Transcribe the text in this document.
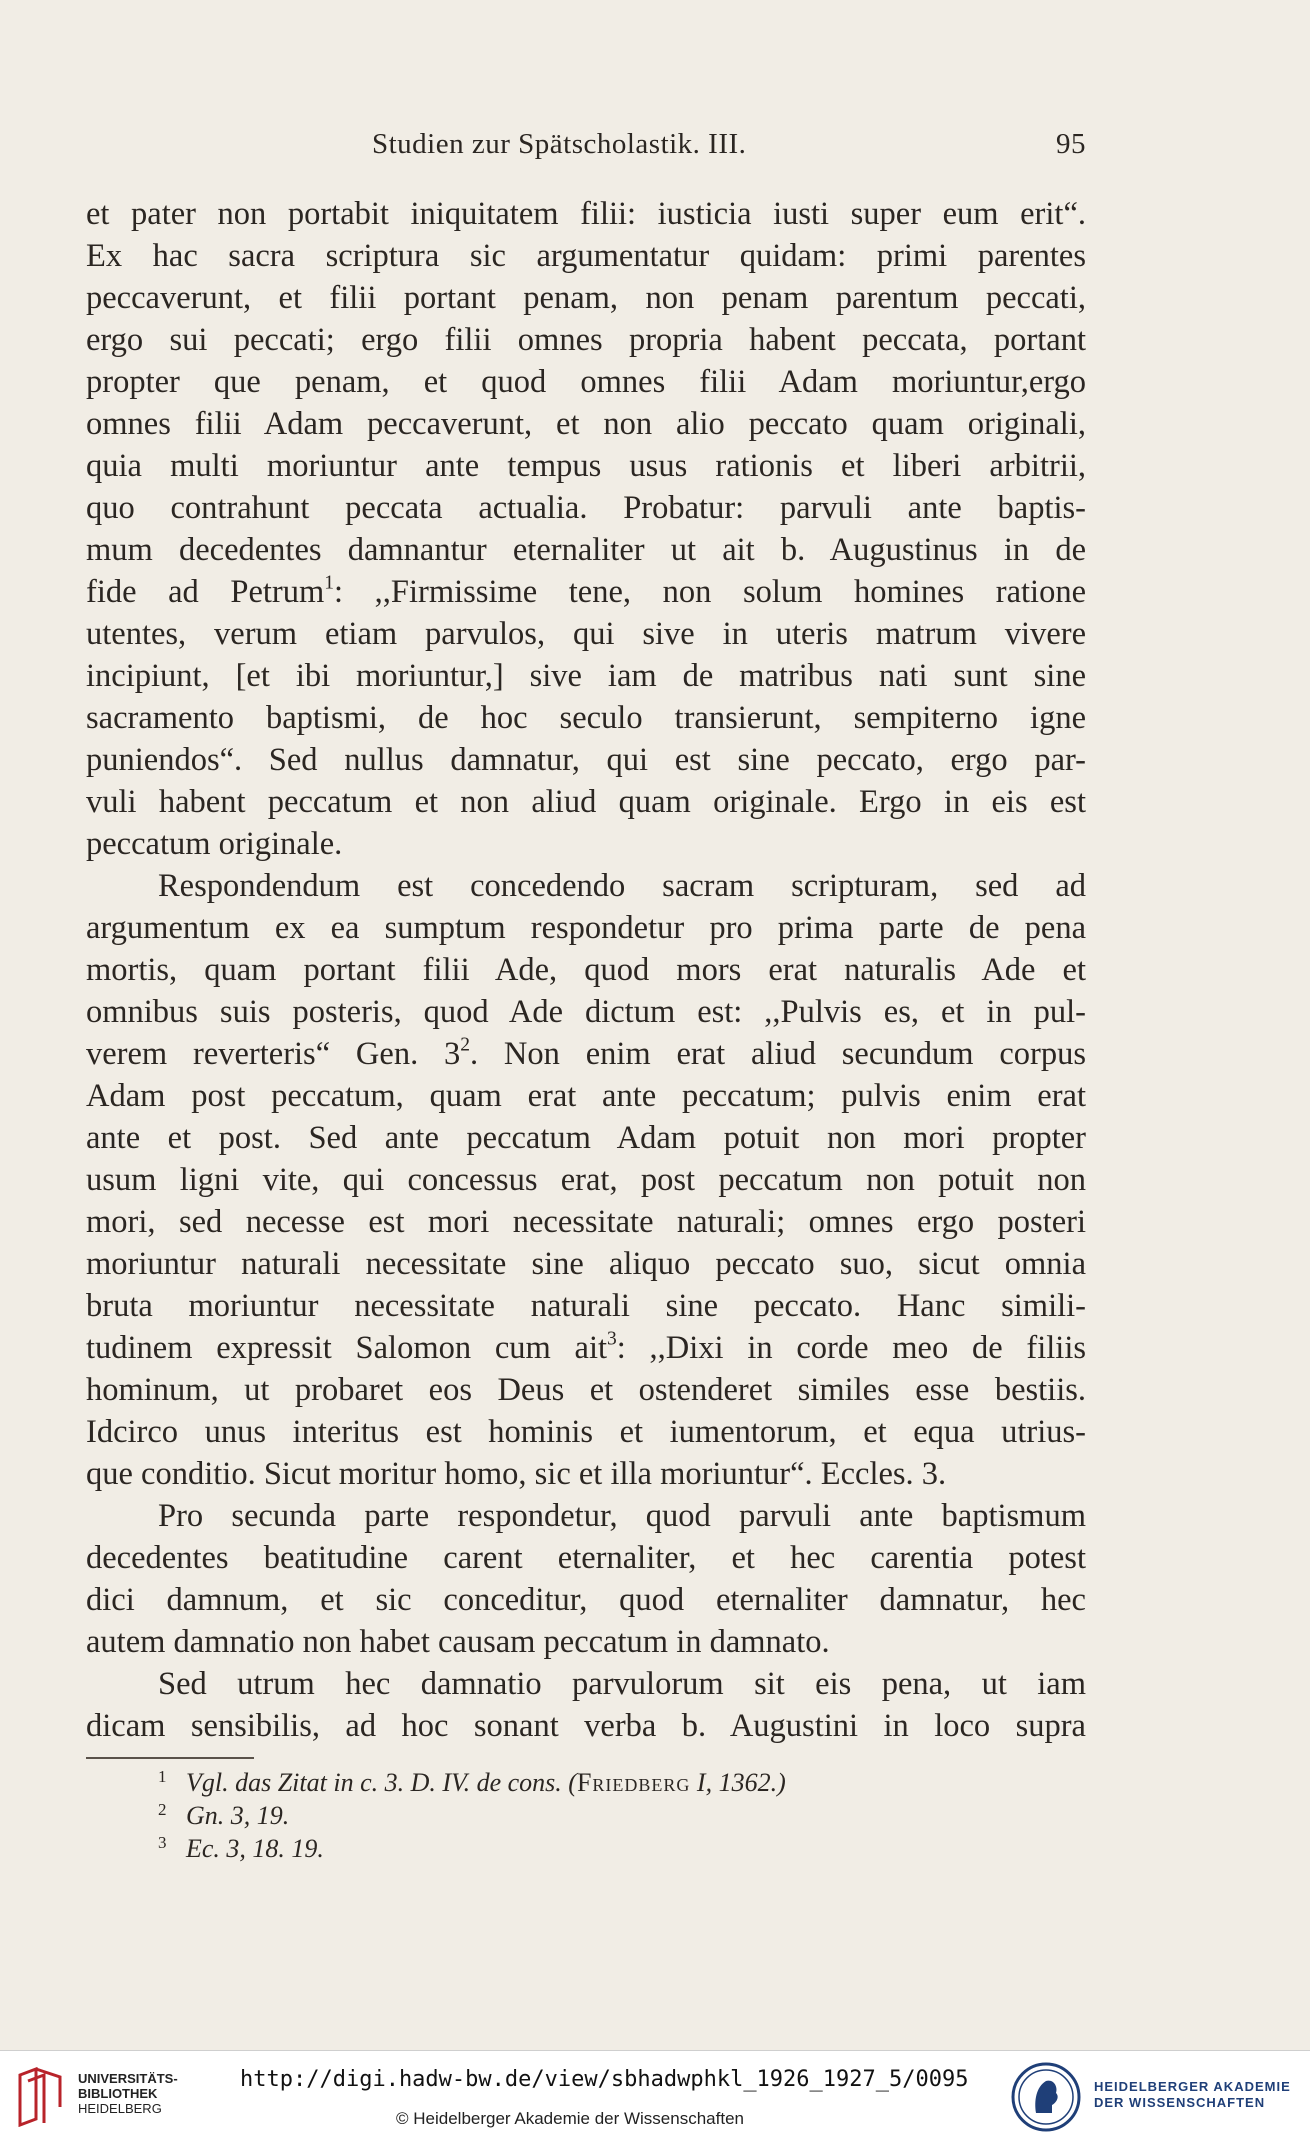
Studien zur Spätscholastik. III.	95
et pater non portabit iniquitatem filii: iusticia iusti super eum erit“.
Ex hac sacra scriptura sic argumentatur quidam: primi parentes
peccaverunt, et filii portant penam, non penam parentum peccati,
ergo sui peccati; ergo filii omnes propria habent peccata, portant
propter que penam, et quod omnes filii Adam moriuntur,ergo
omnes filii Adam peccaverunt, et non alio peccato quam originali,
quia multi moriuntur ante tempus usus rationis et liberi arbitrii,
quo contrahunt peccata actualia. Probatur: parvuli ante baptis-
mum decedentes damnantur eternaliter ut ait b. Augustinus in de
fide ad Petrum$^1$: ,,Firmissime tene, non solum homines ratione
utentes, verum etiam parvulos, qui sive in uteris matrum vivere
incipiunt, [et ibi moriuntur,] sive iam de matribus nati sunt sine
sacramento baptismi, de hoc seculo transierunt, sempiterno igne
puniendos“. Sed nullus damnatur, qui est sine peccato, ergo par-
vuli habent peccatum et non aliud quam originale. Ergo in eis est
peccatum originale.
Respondendum est concedendo sacram scripturam, sed ad
argumentum ex ea sumptum respondetur pro prima parte de pena
mortis, quam portant filii Ade, quod mors erat naturalis Ade et
omnibus suis posteris, quod Ade dictum est: ,,Pulvis es, et in pul-
verem reverteris“ Gen. $3^2$. Non enim erat aliud secundum corpus
Adam post peccatum, quam erat ante peccatum; pulvis enim erat
ante et post. Sed ante peccatum Adam potuit non mori propter
usum ligni vite, qui concessus erat, post peccatum non potuit non
mori, sed necesse est mori necessitate naturali; omnes ergo posteri
moriuntur naturali necessitate sine aliquo peccato suo, sicut omnia
bruta moriuntur necessitate naturali sine peccato. Hanc simili-
tudinem expressit Salomon cum ait$^3$: ,,Dixi in corde meo de filiis
hominum, ut probaret eos Deus et ostenderet similes esse bestiis.
Idcirco unus interitus est hominis et iumentorum, et equa utrius-
que conditio. Sicut moritur homo, sic et illa moriuntur“. Eccles. 3.
Pro secunda parte respondetur, quod parvuli ante baptismum
decedentes beatitudine carent eternaliter, et hec carentia potest
dici damnum, et sic conceditur, quod eternaliter damnatur, hec
autem damnatio non habet causam peccatum in damnato.
Sed utrum hec damnatio parvulorum sit eis pena, ut iam
dicam sensibilis, ad hoc sonant verba b. Augustini in loco supra
1 Vgl. das Zitat in c. 3. D. IV. de cons. (Friedberg I, 1362.)
2 Gn. 3, 19.
3 Ec. 3, 18. 19.
UNIVERSITÄTS-
BIBLIOTHEK
HEIDELBERG
http://digi.hadw-bw.de/view/sbhadwphkl_1926_1927_5/0095
© Heidelberger Akademie der Wissenschaften
HEIDELBERGER AKADEMIE
DER WISSENSCHAFTEN
